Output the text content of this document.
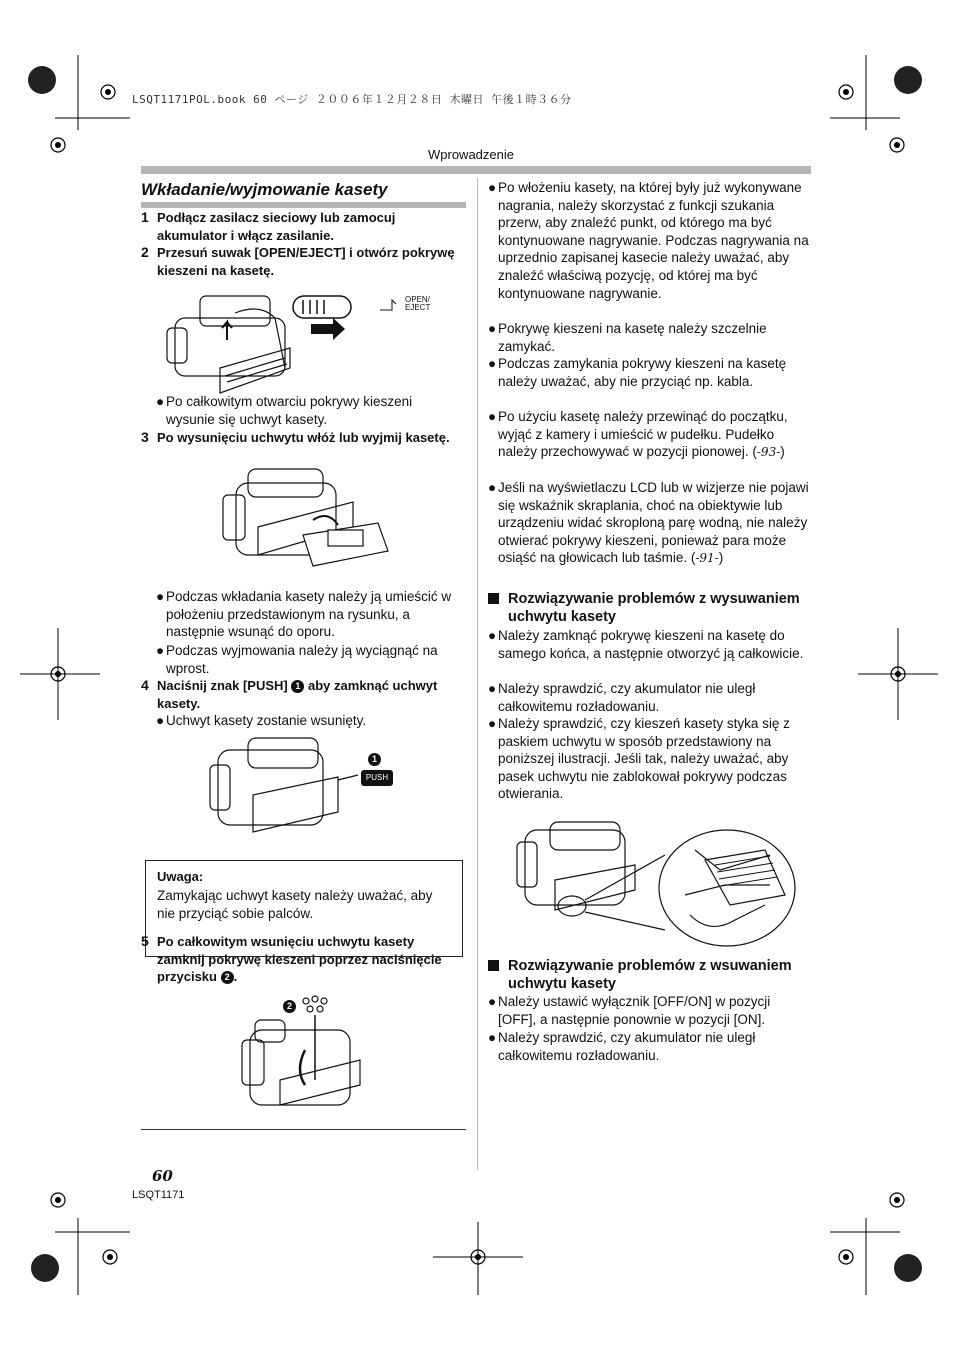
LSQT1171POL.book 60 ページ ２００６年１２月２８日 木曜日 午後１時３６分
Wprowadzenie
Wkładanie/wyjmowanie kasety
1 Podłącz zasilacz sieciowy lub zamocuj akumulator i włącz zasilanie.
2 Przesuń suwak [OPEN/EJECT] i otwórz pokrywę kieszeni na kasetę.
OPEN/ EJECT
● Po całkowitym otwarciu pokrywy kieszeni wysunie się uchwyt kasety.
3 Po wysunięciu uchwytu włóż lub wyjmij kasetę.
● Podczas wkładania kasety należy ją umieścić w położeniu przedstawionym na rysunku, a następnie wsunąć do oporu.
● Podczas wyjmowania należy ją wyciągnąć na wprost.
4 Naciśnij znak [PUSH] 1 aby zamknąć uchwyt kasety.
● Uchwyt kasety zostanie wsunięty.
1
PUSH
Uwaga:
Zamykając uchwyt kasety należy uważać, aby nie przyciąć sobie palców.
5 Po całkowitym wsunięciu uchwytu kasety zamknij pokrywę kieszeni poprzez naciśnięcie przycisku 2 .
2
● Po włożeniu kasety, na której były już wykonywane nagrania, należy skorzystać z funkcji szukania przerw, aby znaleźć punkt, od którego ma być kontynuowane nagrywanie. Podczas nagrywania na uprzednio zapisanej kasecie należy uważać, aby znaleźć właściwą pozycję, od której ma być kontynuowane nagrywanie.
● Pokrywę kieszeni na kasetę należy szczelnie zamykać.
● Podczas zamykania pokrywy kieszeni na kasetę należy uważać, aby nie przyciąć np. kabla.
● Po użyciu kasetę należy przewinąć do początku, wyjąć z kamery i umieścić w pudełku. Pudełko należy przechowywać w pozycji pionowej. (-93-)
● Jeśli na wyświetlaczu LCD lub w wizjerze nie pojawi się wskaźnik skraplania, choć na obiektywie lub urządzeniu widać skroploną parę wodną, nie należy otwierać pokrywy kieszeni, ponieważ para może osiąść na głowicach lub taśmie. (-91-)
Rozwiązywanie problemów z wysuwaniem uchwytu kasety
● Należy zamknąć pokrywę kieszeni na kasetę do samego końca, a następnie otworzyć ją całkowicie.
● Należy sprawdzić, czy akumulator nie uległ całkowitemu rozładowaniu.
● Należy sprawdzić, czy kieszeń kasety styka się z paskiem uchwytu w sposób przedstawiony na poniższej ilustracji. Jeśli tak, należy uważać, aby pasek uchwytu nie zablokował pokrywy podczas otwierania.
Rozwiązywanie problemów z wsuwaniem uchwytu kasety
● Należy ustawić wyłącznik [OFF/ON] w pozycji [OFF], a następnie ponownie w pozycji [ON].
● Należy sprawdzić, czy akumulator nie uległ całkowitemu rozładowaniu.
60
LSQT1171
